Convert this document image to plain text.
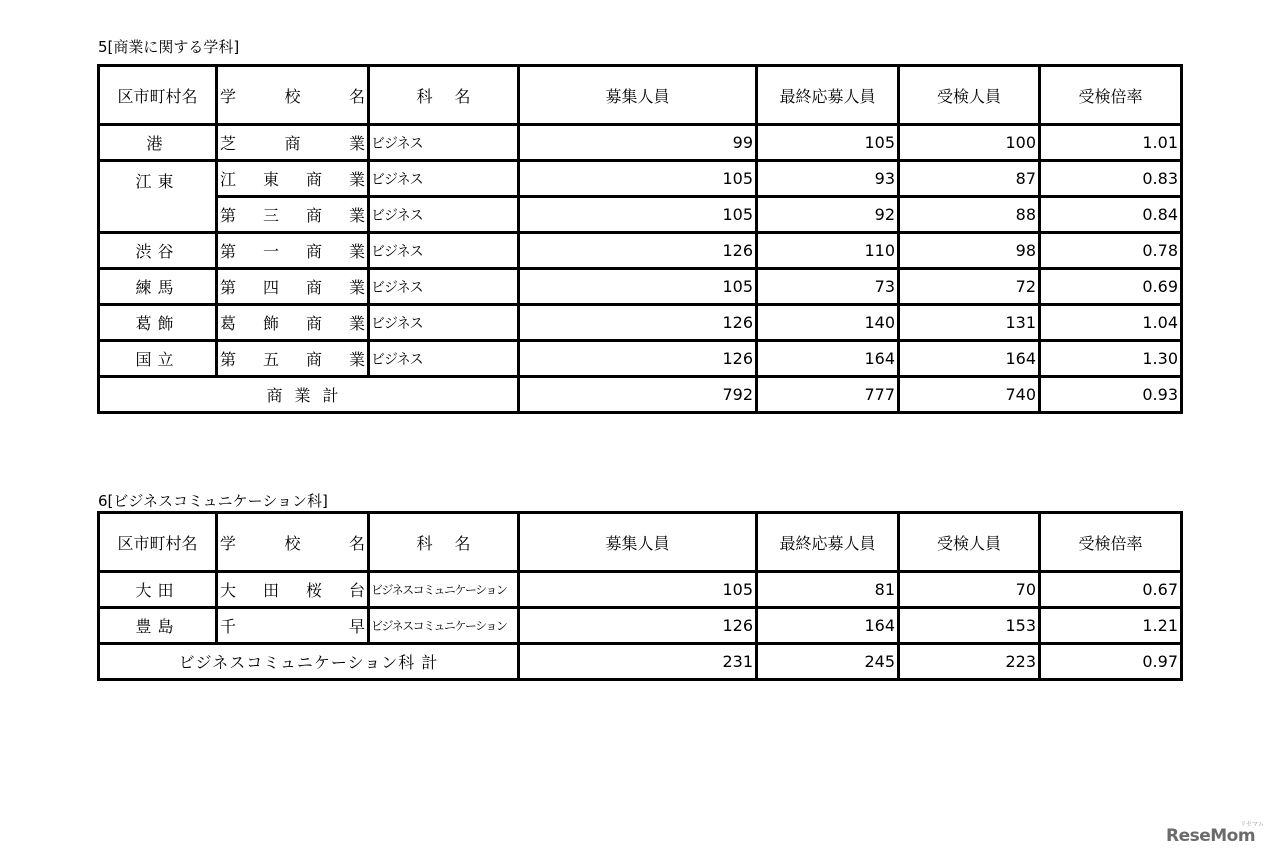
5[商業に関する学科]
区市町村名	学校名	科名	募集人員	最終応募人員	受検人員	受検倍率
港	芝商業	ビジネス	99	105	100	1.01
江東	江東商業	ビジネス	105	93	87	0.83
	第三商業	ビジネス	105	92	88	0.84
渋谷	第一商業	ビジネス	126	110	98	0.78
練馬	第四商業	ビジネス	105	73	72	0.69
葛飾	葛飾商業	ビジネス	126	140	131	1.04
国立	第五商業	ビジネス	126	164	164	1.30
商業計			792	777	740	0.93
6[ビジネスコミュニケーション科]
区市町村名	学校名	科名	募集人員	最終応募人員	受検人員	受検倍率
大田	大田桜台	ビジネスコミュニケーション	105	81	70	0.67
豊島	千早	ビジネスコミュニケーション	126	164	153	1.21
ビジネスコミュニケーション科 計			231	245	223	0.97
リセマム
ReseMom
